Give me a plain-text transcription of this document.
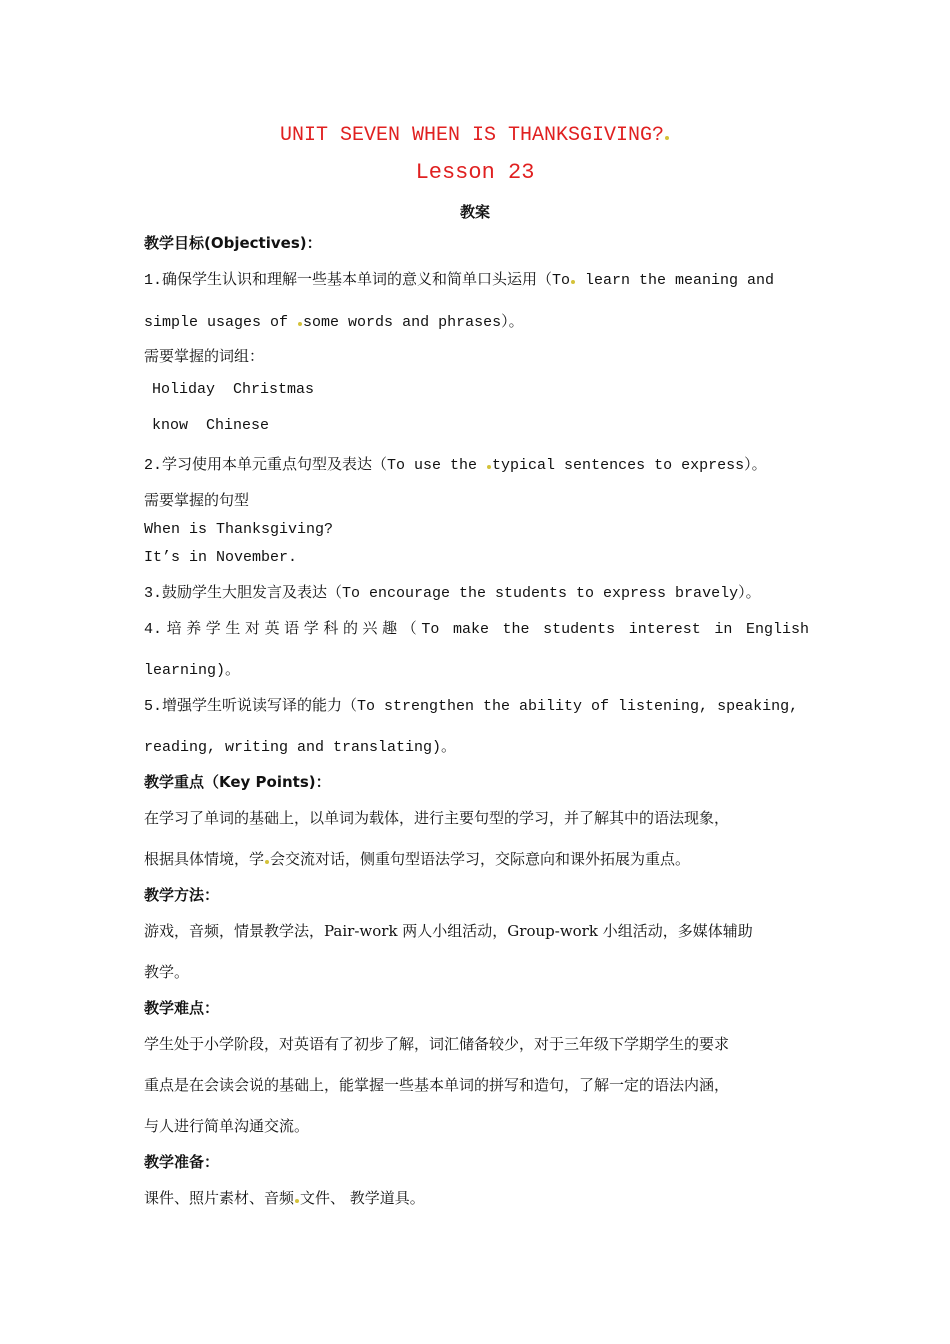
UNIT SEVEN WHEN IS THANKSGIVING?
Lesson 23
教案
教学目标(Objectives)：
1.确保学生认识和理解一些基本单词的意义和简单口头运用（To learn the meaning and
simple usages of some words and phrases）。
需要掌握的词组：
Holiday  Christmas
know  Chinese
2.学习使用本单元重点句型及表达（To use the typical sentences to express）。
需要掌握的句型
When is Thanksgiving?
It’s in November.
3.鼓励学生大胆发言及表达（To encourage the students to express bravely）。
4.培养学生对英语学科的兴趣（To make the students interest in English
learning)。
5.增强学生听说读写译的能力（To strengthen the ability of listening, speaking,
reading, writing and translating)。
教学重点（Key Points)：
在学习了单词的基础上，以单词为载体，进行主要句型的学习，并了解其中的语法现象，
根据具体情境，学 会交流对话，侧重句型语法学习，交际意向和课外拓展为重点。
教学方法：
游戏，音频，情景教学法，Pair-work 两人小组活动，Group-work 小组活动，多媒体辅助
教学。
教学难点：
学生处于小学阶段，对英语有了初步了解，词汇储备较少，对于三年级下学期学生的要求
重点是在会读会说的基础上，能掌握一些基本单词的拼写和造句，了解一定的语法内涵，
与人进行简单沟通交流。
教学准备：
课件、照片素材、音频 文件、 教学道具。
